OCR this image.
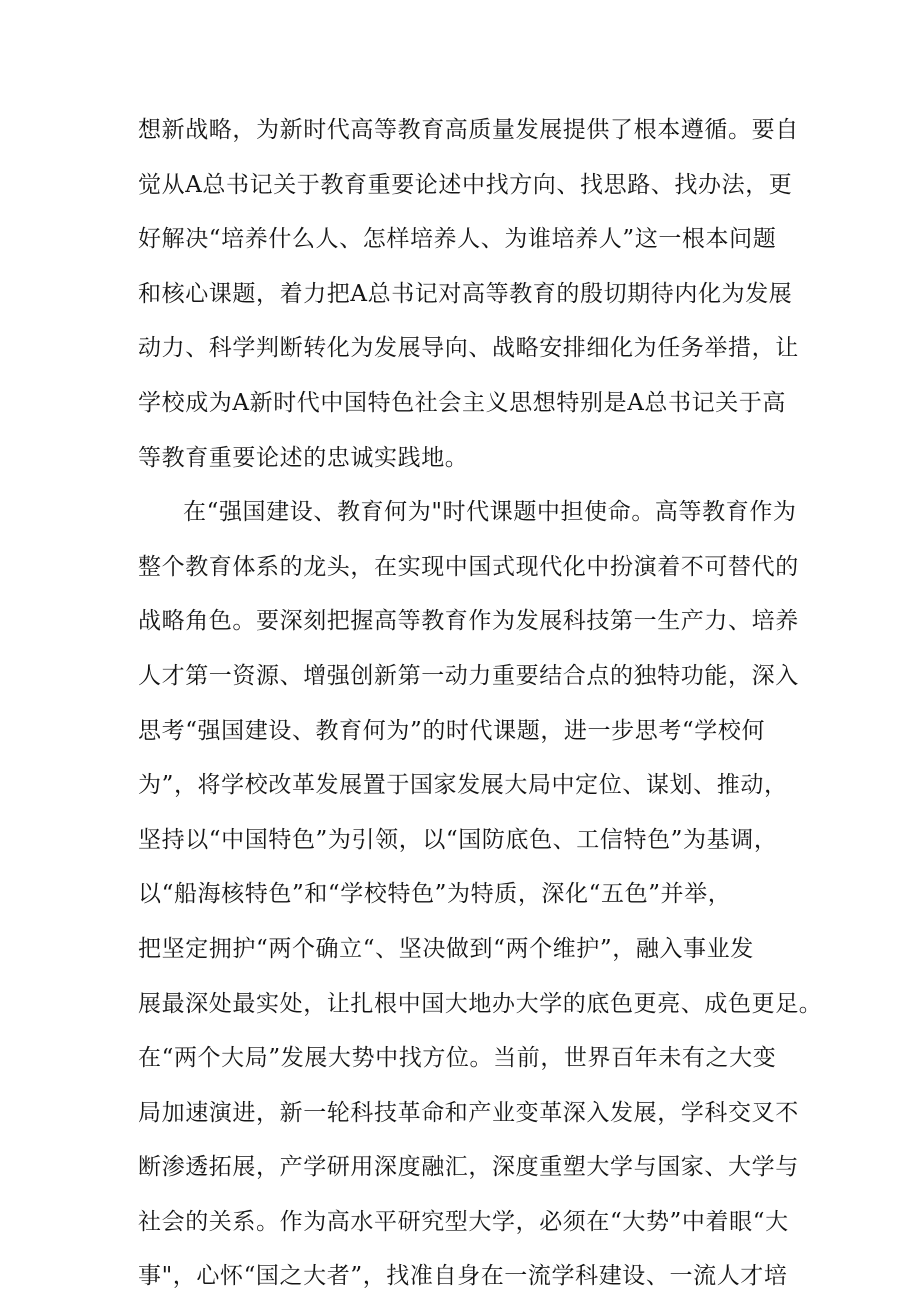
想新战略，为新时代高等教育高质量发展提供了根本遵循。要自
觉从A总书记关于教育重要论述中找方向、找思路、找办法，更
好解决“培养什么人、怎样培养人、为谁培养人”这一根本问题
和核心课题，着力把A总书记对高等教育的殷切期待内化为发展
动力、科学判断转化为发展导向、战略安排细化为任务举措，让
学校成为A新时代中国特色社会主义思想特别是A总书记关于高
等教育重要论述的忠诚实践地。
在“强国建设、教育何为"时代课题中担使命。高等教育作为
整个教育体系的龙头，在实现中国式现代化中扮演着不可替代的
战略角色。要深刻把握高等教育作为发展科技第一生产力、培养
人才第一资源、增强创新第一动力重要结合点的独特功能，深入
思考“强国建设、教育何为”的时代课题，进一步思考“学校何
为”，将学校改革发展置于国家发展大局中定位、谋划、推动，
坚持以“中国特色”为引领，以“国防底色、工信特色”为基调，
以“船海核特色”和“学校特色”为特质，深化“五色”并举，
把坚定拥护“两个确立“、坚决做到“两个维护”，融入事业发
展最深处最实处，让扎根中国大地办大学的底色更亮、成色更足。
在“两个大局”发展大势中找方位。当前，世界百年未有之大变
局加速演进，新一轮科技革命和产业变革深入发展，学科交叉不
断渗透拓展，产学研用深度融汇，深度重塑大学与国家、大学与
社会的关系。作为高水平研究型大学，必须在“大势”中着眼“大
事"，心怀“国之大者”，找准自身在一流学科建设、一流人才培
